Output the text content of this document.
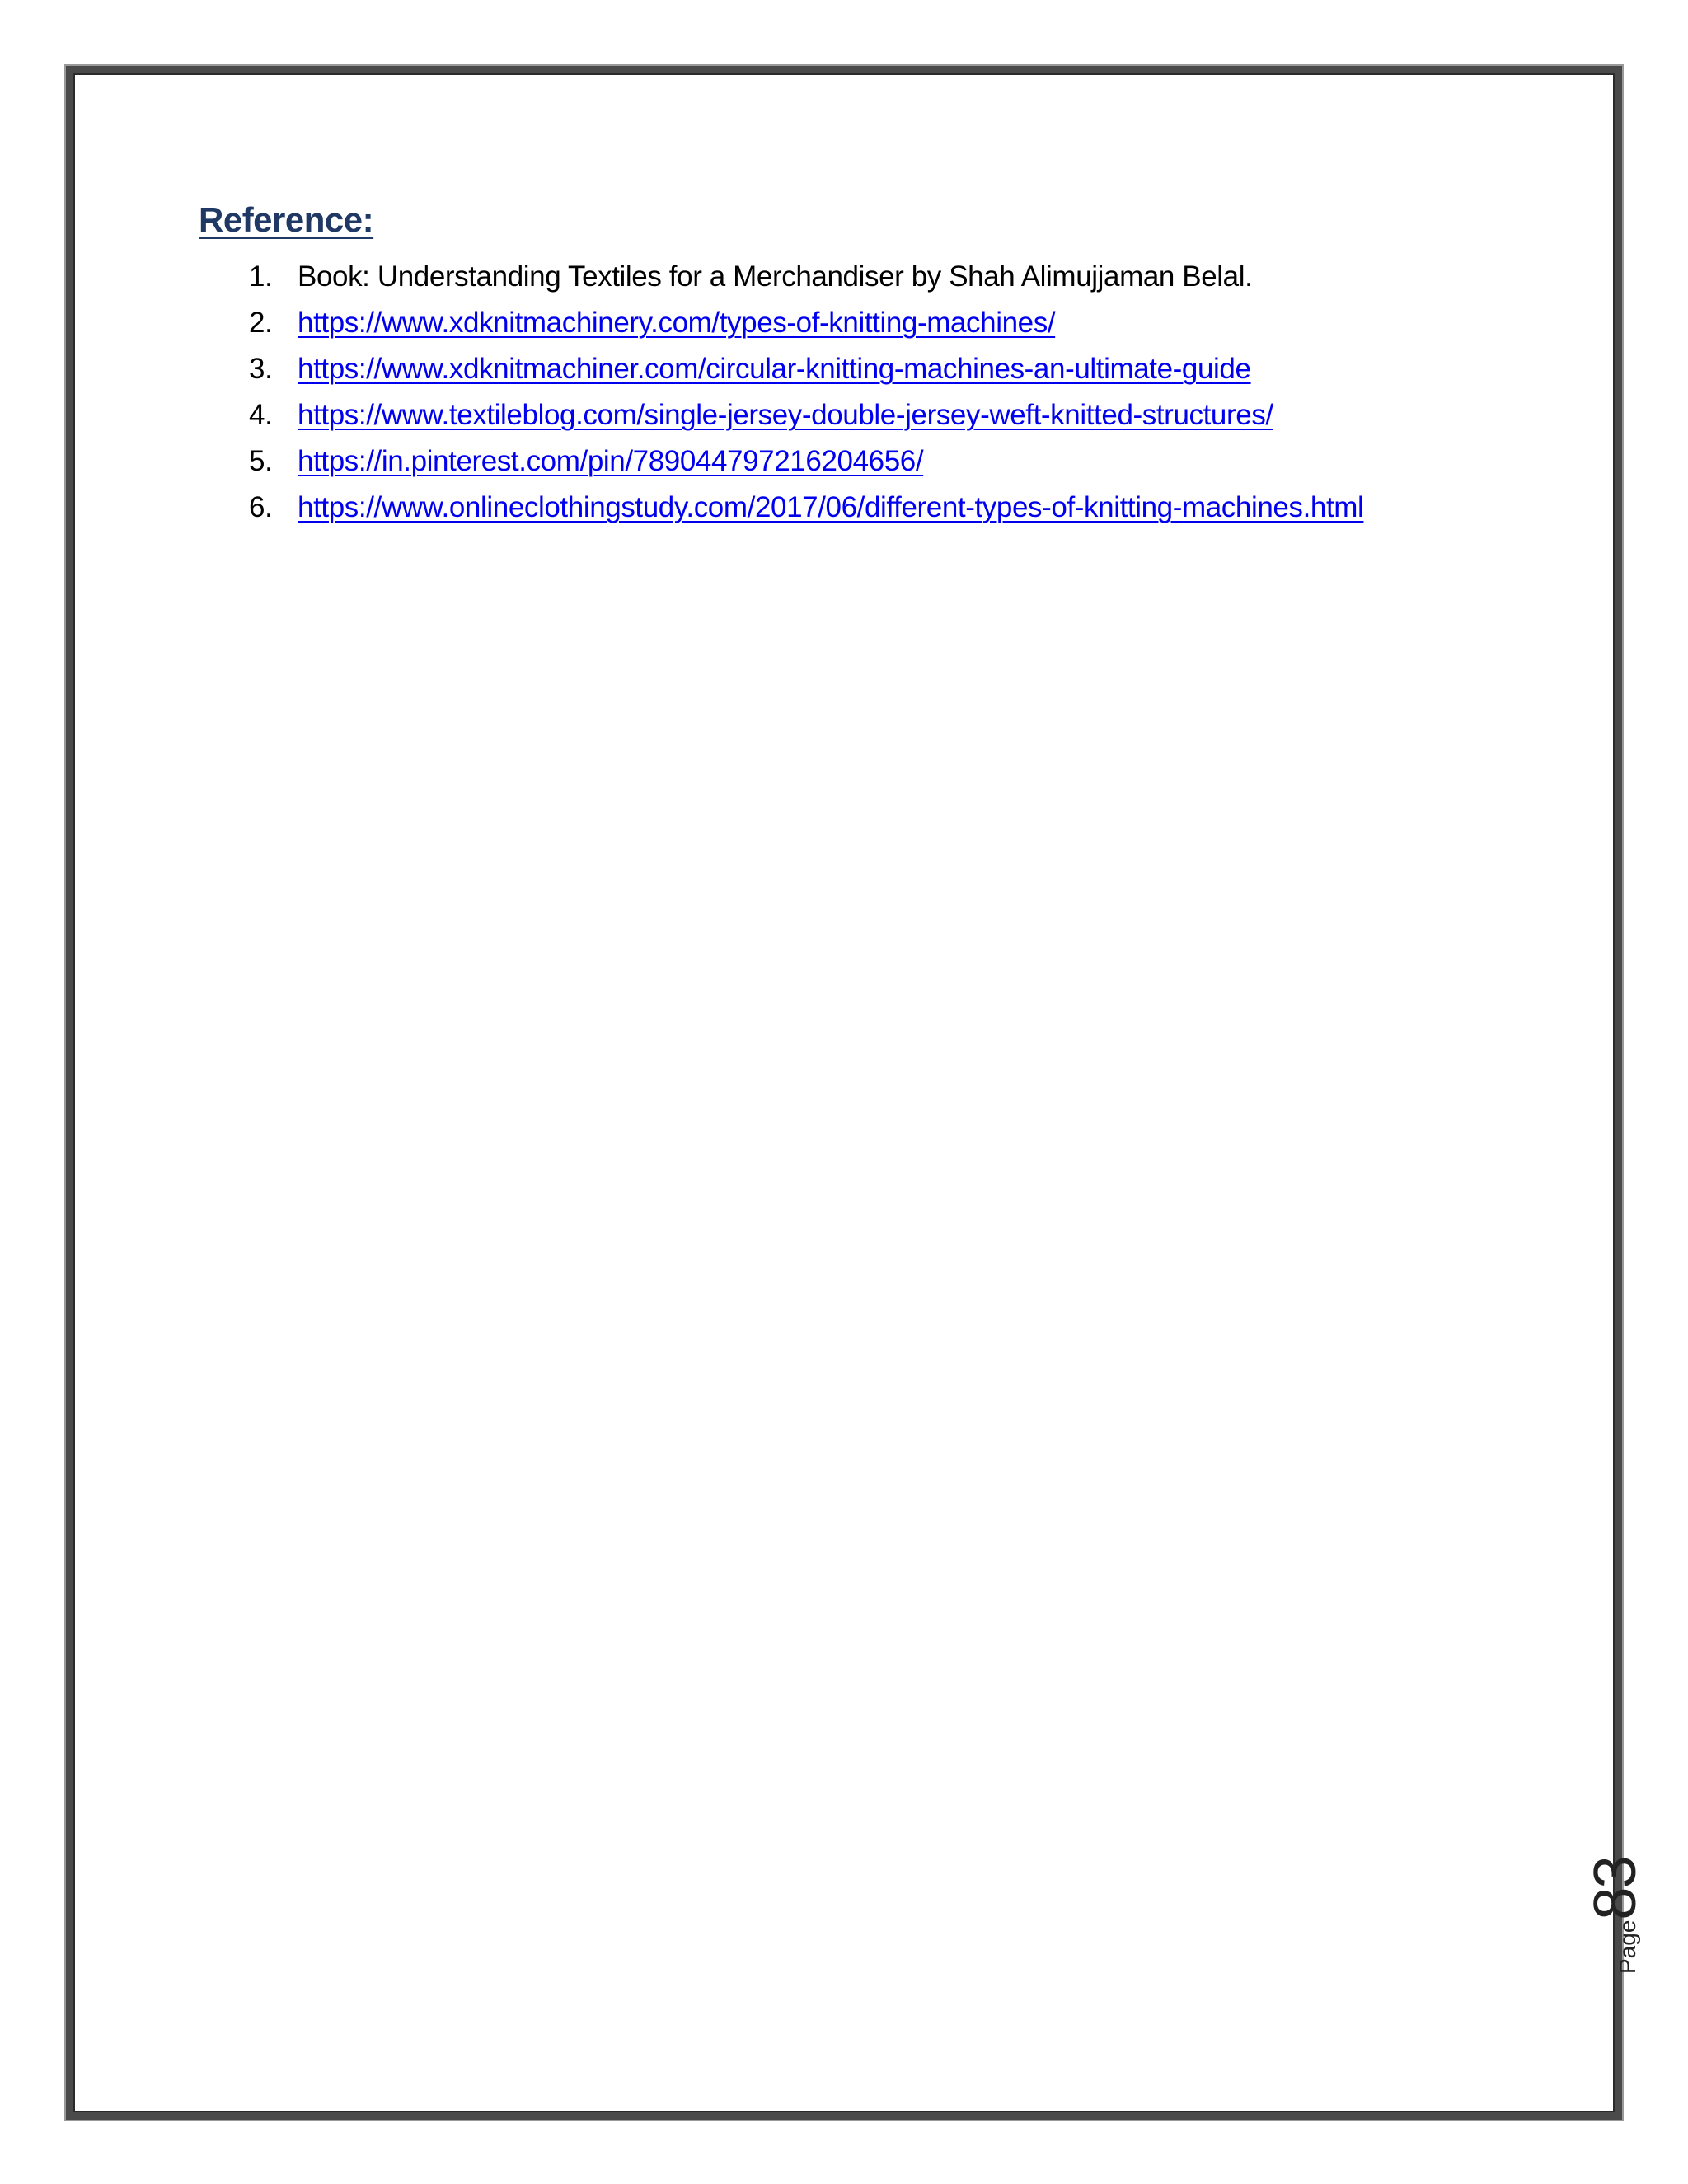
Reference:
1. Book: Understanding Textiles for a Merchandiser by Shah Alimujjaman Belal.
2. https://www.xdknitmachinery.com/types-of-knitting-machines/
3. https://www.xdknitmachiner.com/circular-knitting-machines-an-ultimate-guide
4. https://www.textileblog.com/single-jersey-double-jersey-weft-knitted-structures/
5. https://in.pinterest.com/pin/789044797216204656/
6. https://www.onlineclothingstudy.com/2017/06/different-types-of-knitting-machines.html
Page83
